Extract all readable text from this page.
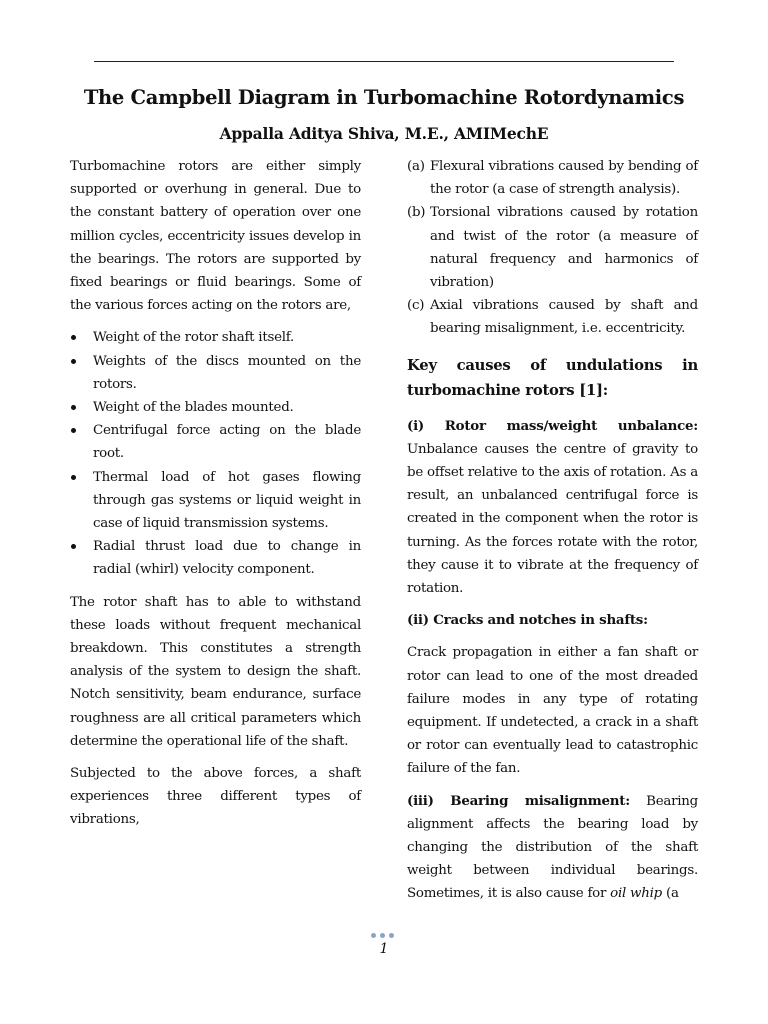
The Campbell Diagram in Turbomachine Rotordynamics
Appalla Aditya Shiva, M.E., AMIMechE

Turbomachine rotors are either simply supported or overhung in general. Due to the constant battery of operation over one million cycles, eccentricity issues develop in the bearings. The rotors are supported by fixed bearings or fluid bearings. Some of the various forces acting on the rotors are,

Weight of the rotor shaft itself.
Weights of the discs mounted on the rotors.
Weight of the blades mounted.
Centrifugal force acting on the blade root.
Thermal load of hot gases flowing through gas systems or liquid weight in case of liquid transmission systems.
Radial thrust load due to change in radial (whirl) velocity component.

The rotor shaft has to able to withstand these loads without frequent mechanical breakdown. This constitutes a strength analysis of the system to design the shaft. Notch sensitivity, beam endurance, surface roughness are all critical parameters which determine the operational life of the shaft.

Subjected to the above forces, a shaft experiences three different types of vibrations,

(a) Flexural vibrations caused by bending of the rotor (a case of strength analysis).
(b) Torsional vibrations caused by rotation and twist of the rotor (a measure of natural frequency and harmonics of vibration)
(c) Axial vibrations caused by shaft and bearing misalignment, i.e. eccentricity.

Key causes of undulations in turbomachine rotors [1]:

(i) Rotor mass/weight unbalance: Unbalance causes the centre of gravity to be offset relative to the axis of rotation. As a result, an unbalanced centrifugal force is created in the component when the rotor is turning. As the forces rotate with the rotor, they cause it to vibrate at the frequency of rotation.

(ii) Cracks and notches in shafts:

Crack propagation in either a fan shaft or rotor can lead to one of the most dreaded failure modes in any type of rotating equipment. If undetected, a crack in a shaft or rotor can eventually lead to catastrophic failure of the fan.

(iii) Bearing misalignment: Bearing alignment affects the bearing load by changing the distribution of the shaft weight between individual bearings. Sometimes, it is also cause for oil whip (a

1
